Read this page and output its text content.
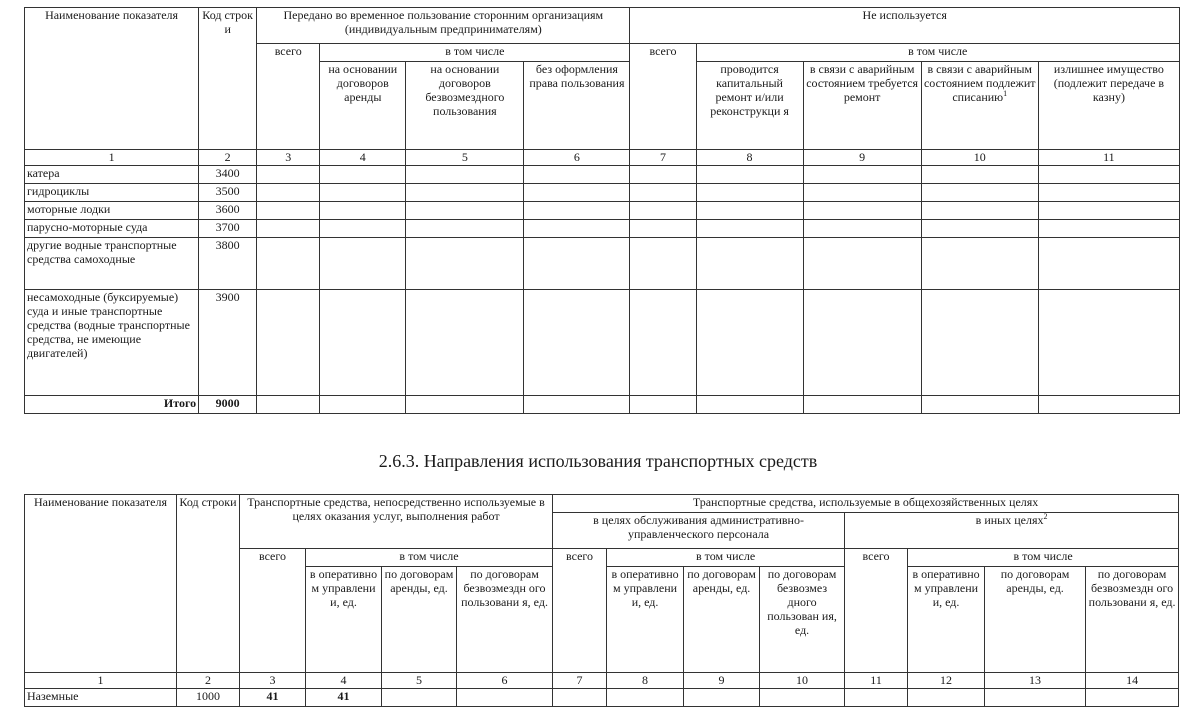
Наименование показателя	Код строк и	Передано во временное пользование сторонним организациям (индивидуальным предпринимателям)				Не используется				
		всего	в том числе			всего	в том числе			
			на основании договоров аренды	на основании договоров безвозмездного пользования	без оформления права пользования		проводится капитальный ремонт и/или реконструкци я	в связи с аварийным состоянием требуется ремонт	в связи с аварийным состоянием подлежит списанию$^1$	излишнее имущество (подлежит передаче в казну)
1	2	3	4	5	6	7	8	9	10	11
катера	3400									
гидроциклы	3500									
моторные лодки	3600									
парусно-моторные суда	3700									
другие водные транспортные средства самоходные	3800									
несамоходные (буксируемые) суда и иные транспортные средства (водные транспортные средства, не имеющие двигателей)	3900									
Итого	9000									
2.6.3. Направления использования транспортных средств
Наименование показателя	Код строки	Транспортные средства, непосредственно используемые в целях оказания услуг, выполнения работ				Транспортные средства, используемые в общехозяйственных целях							
						в целях обслуживания административно-управленческого персонала				в иных целях$^2$
		всего	в том числе			всего	в том числе			всего	в том числе		
			в оперативно м управлени и, ед.	по договорам аренды, ед.	по договорам безвозмездн ого пользовани я, ед.		в оперативно м управлени и, ед.	по договорам аренды, ед.	по договорам безвозмез дного пользован ия, ед.		в оперативно м управлени и, ед.	по договорам аренды, ед.	по договорам безвозмездн ого пользовани я, ед.
1	2	3	4	5	6	7	8	9	10	11	12	13	14
Наземные	1000	41	41										
